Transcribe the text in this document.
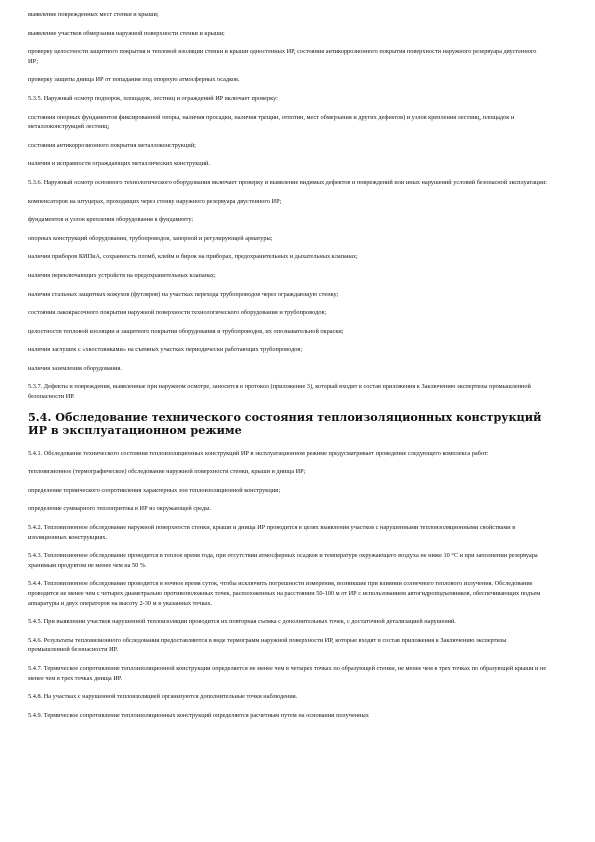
выявление поврежденных мест стенки и крыши;

выявление участков обмерзания наружной поверхности стенки и крыши;

проверку целостности защитного покрытия и тепловой изоляции стенки и крыши одностенных ИР, состояния антикоррозионного покрытия поверхности наружного резервуара двустенного ИР;

проверку защиты днища ИР от попадания под опорную атмосферных осадков.

5.3.5. Наружный осмотр подпорок, площадок, лестниц и ограждений ИР включает проверку:

состояния опорных фундаментов фиксированной опоры, наличия просадки, наличия трещин, отпотин, мест обмерзания и других дефектов) и узлов крепления лестниц, площадок и металлоконструкций лестниц;

состояния антикоррозионного покрытия металлоконструкций;

наличия и исправности ограждающих металлических конструкций.

5.3.6. Наружный осмотр основного технологического оборудования включает проверку и выявление видимых дефектов и повреждений или иных нарушений условий безопасной эксплуатации:

компенсаторов на штуцерах, проходящих через стенку наружного резервуара двустенного ИР;

фундаментов и узлов крепления оборудования к фундаменту;

опорных конструкций оборудования, трубопроводов, запорной и регулирующей арматуры;

наличия приборов КИПиА, сохранность пломб, клейм и бирок на приборах, предохранительных и дыхательных клапанах;

наличия переключающих устройств на предохранительных клапанах;

наличия стальных защитных кожухов (футляров) на участках перехода трубопроводов через ограждающую стенку;

состояния лакокрасочного покрытия наружной поверхности технологического оборудования и трубопроводов;

целостности тепловой изоляции и защитного покрытия оборудования и трубопроводов, их опознавательной окраски;

наличия заглушек с «хвостовиками» на съемных участках периодически работающих трубопроводов;

наличия заземления оборудования.

5.3.7. Дефекты и повреждения, выявленные при наружном осмотре, заносятся в протокол (приложение 3), который входит в состав приложения к Заключению экспертизы промышленной безопасности ИР.

5.4. Обследование технического состояния теплоизоляционных конструкций ИР в эксплуатационном режиме

5.4.1. Обследование технического состояния теплоизоляционных конструкций ИР в эксплуатационном режиме предусматривает проведение следующего комплекса работ:

тепловизионное (термографическое) обследование наружной поверхности стенки, крыши и днища ИР;

определение термического сопротивления характерных зон теплоизоляционной конструкции;

определение суммарного теплопритока в ИР из окружающей среды.

5.4.2. Тепловизионное обследование наружной поверхности стенки, крыши и днища ИР проводится в целях выявления участков с нарушенными теплоизоляционными свойствами в изоляционных конструкциях.

5.4.3. Тепловизионное обследование проводится в теплое время года, при отсутствии атмосферных осадков и температуре окружающего воздуха не ниже 10 °С и при заполнении резервуара хранимым продуктом не менее чем на 50 %.

5.4.4. Тепловизионное обследование проводится в ночное время суток, чтобы исключить погрешности измерения, возникшие при влиянии солнечного теплового излучения. Обследование проводится не менее чем с четырех диаметрально противоположных точек, расположенных на расстоянии 50-100 м от ИР с использованием автогидроподъемников, обеспечивающих подъем аппаратуры и двух операторов на высоту 2-30 м в указанных точках.

5.4.5. При выявлении участков нарушенной теплоизоляции проводится их повторная съемка с дополнительных точек, с достаточной детализацией нарушений.

5.4.6. Результаты тепловизионного обследования предоставляются в виде термограмм наружной поверхности ИР, которые входят в состав приложения к Заключению экспертизы промышленной безопасности ИР.

5.4.7. Термическое сопротивление теплоизоляционной конструкции определяется не менее чем в четырех точках по образующей стенки, не менее чем в трех точках по образующей крыши и не менее чем в трех точках днища ИР.

5.4.8. На участках с нарушенной теплоизоляцией организуются дополнительные точки наблюдения.

5.4.9. Термическое сопротивление теплоизоляционных конструкций определяется расчетным путем на основании полученных
